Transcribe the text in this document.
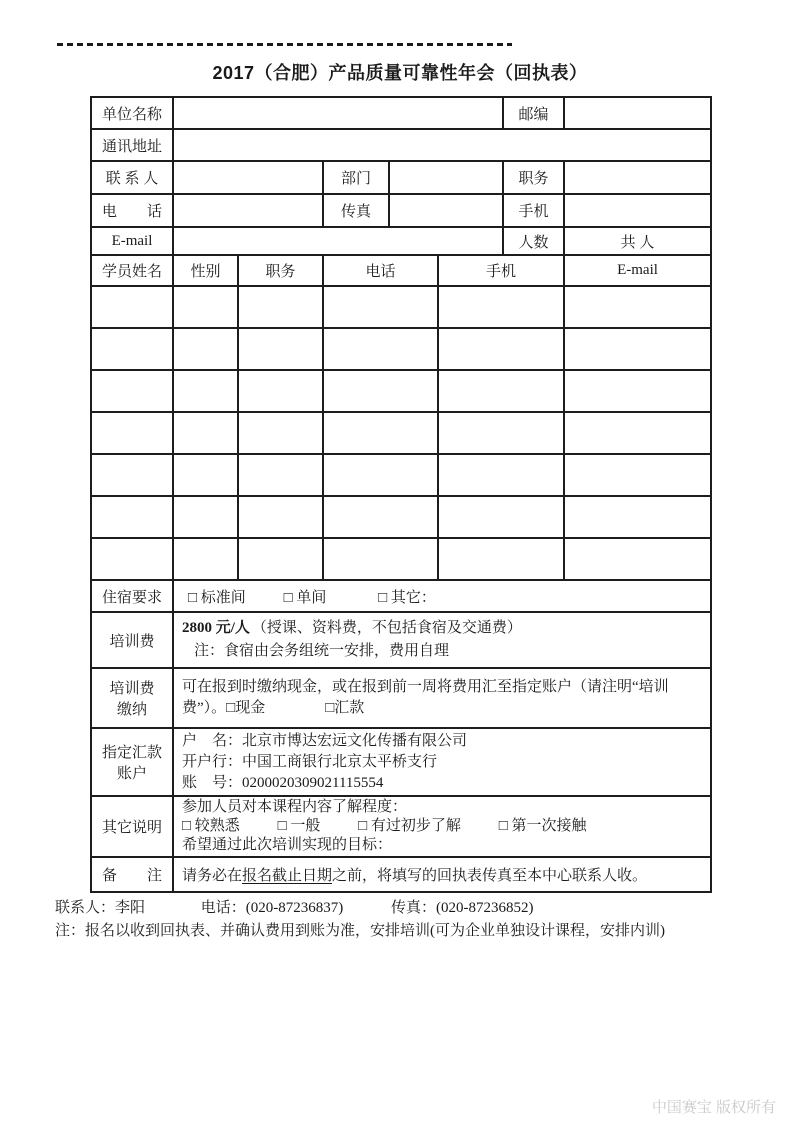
2017（合肥）产品质量可靠性年会（回执表）
单位名称						邮编	
通讯地址							
联 系 人			部门			职务	
电　　话			传真			手机	
E-mail						人数	共 人
学员姓名	性别	职务	电话		手机		E-mail

住宿要求	□ 标准间 □ 单间 □ 其它：						
培训费	2800 元/人 （授课、资料费，不包括食宿及交通费）
注：食宿由会务组统一安排，费用自理						

培训费
缴纳	可在报到时缴纳现金，或在报到前一周将费用汇至指定账户（请注明“培训费”）。□现金 □汇款						

指定汇款
账户

户　名：北京市博达宏远文化传播有限公司
开户行：中国工商银行北京太平桥支行
账　号：0200020309021115554

其它说明	参加人员对本课程内容了解程度：
□ 较熟悉 □ 一般 □ 有过初步了解 □ 第一次接触
希望通过此次培训实现的目标：						

备　　注	请务必在报名截止日期之前，将填写的回执表传真至本中心联系人收。						
联系人：李阳	电话：(020-87236837)	传真：(020-87236852)
注：报名以收到回执表、并确认费用到账为准，安排培训(可为企业单独设计课程，安排内训)
中国赛宝 版权所有
